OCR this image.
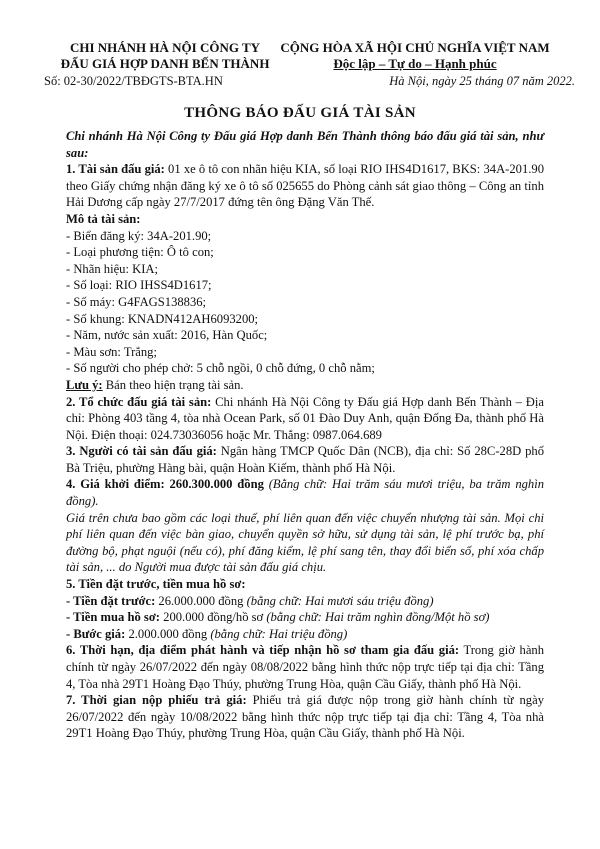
CHI NHÁNH HÀ NỘI CÔNG TY
ĐẤU GIÁ HỢP DANH BẾN THÀNH
CỘNG HÒA XÃ HỘI CHỦ NGHĨA VIỆT NAM
Độc lập – Tự do – Hạnh phúc
Số: 02-30/2022/TBĐGTS-BTA.HN	Hà Nội, ngày 25 tháng 07 năm 2022.
THÔNG BÁO ĐẤU GIÁ TÀI SẢN

Chi nhánh Hà Nội Công ty Đấu giá Hợp danh Bến Thành thông báo đấu giá tài sản, như sau:

1. Tài sản đấu giá: 01 xe ô tô con nhãn hiệu KIA, số loại RIO IHS4D1617, BKS: 34A-201.90 theo Giấy chứng nhận đăng ký xe ô tô số 025655 do Phòng cảnh sát giao thông – Công an tỉnh Hải Dương cấp ngày 27/7/2017 đứng tên ông Đặng Văn Thế.

Mô tả tài sản:

- Biển đăng ký: 34A-201.90;

- Loại phương tiện: Ô tô con;

- Nhãn hiệu: KIA;

- Số loại: RIO IHSS4D1617;

- Số máy: G4FAGS138836;

- Số khung: KNADN412AH6093200;

- Năm, nước sản xuất: 2016, Hàn Quốc;

- Màu sơn: Trắng;

- Số người cho phép chở: 5 chỗ ngồi, 0 chỗ đứng, 0 chỗ nằm;

Lưu ý: Bán theo hiện trạng tài sản.

2. Tổ chức đấu giá tài sản: Chi nhánh Hà Nội Công ty Đấu giá Hợp danh Bến Thành – Địa chỉ: Phòng 403 tầng 4, tòa nhà Ocean Park, số 01 Đào Duy Anh, quận Đống Đa, thành phố Hà Nội. Điện thoại: 024.73036056 hoặc Mr. Thắng: 0987.064.689

3. Người có tài sản đấu giá: Ngân hàng TMCP Quốc Dân (NCB), địa chỉ: Số 28C-28D phố Bà Triệu, phường Hàng bài, quận Hoàn Kiếm, thành phố Hà Nội.

4. Giá khởi điểm: 260.300.000 đồng (Bằng chữ: Hai trăm sáu mươi triệu, ba trăm nghìn đồng).

Giá trên chưa bao gồm các loại thuế, phí liên quan đến việc chuyển nhượng tài sản. Mọi chi phí liên quan đến việc bàn giao, chuyển quyền sở hữu, sử dụng tài sản, lệ phí trước bạ, phí đường bộ, phạt nguội (nếu có), phí đăng kiểm, lệ phí sang tên, thay đổi biển số, phí xóa chấp tài sản, ... do Người mua được tài sản đấu giá chịu.

5. Tiền đặt trước, tiền mua hồ sơ:

- Tiền đặt trước: 26.000.000 đồng (bằng chữ: Hai mươi sáu triệu đồng)

- Tiền mua hồ sơ: 200.000 đồng/hồ sơ (bằng chữ: Hai trăm nghìn đồng/Một hồ sơ)

- Bước giá: 2.000.000 đồng (bằng chữ: Hai triệu đồng)

6. Thời hạn, địa điểm phát hành và tiếp nhận hồ sơ tham gia đấu giá: Trong giờ hành chính từ ngày 26/07/2022 đến ngày 08/08/2022 bằng hình thức nộp trực tiếp tại địa chỉ: Tầng 4, Tòa nhà 29T1 Hoàng Đạo Thúy, phường Trung Hòa, quận Cầu Giấy, thành phố Hà Nội.

7. Thời gian nộp phiếu trả giá: Phiếu trả giá được nộp trong giờ hành chính từ ngày 26/07/2022 đến ngày 10/08/2022 bằng hình thức nộp trực tiếp tại địa chỉ: Tầng 4, Tòa nhà 29T1 Hoàng Đạo Thúy, phường Trung Hòa, quận Cầu Giấy, thành phố Hà Nội.
